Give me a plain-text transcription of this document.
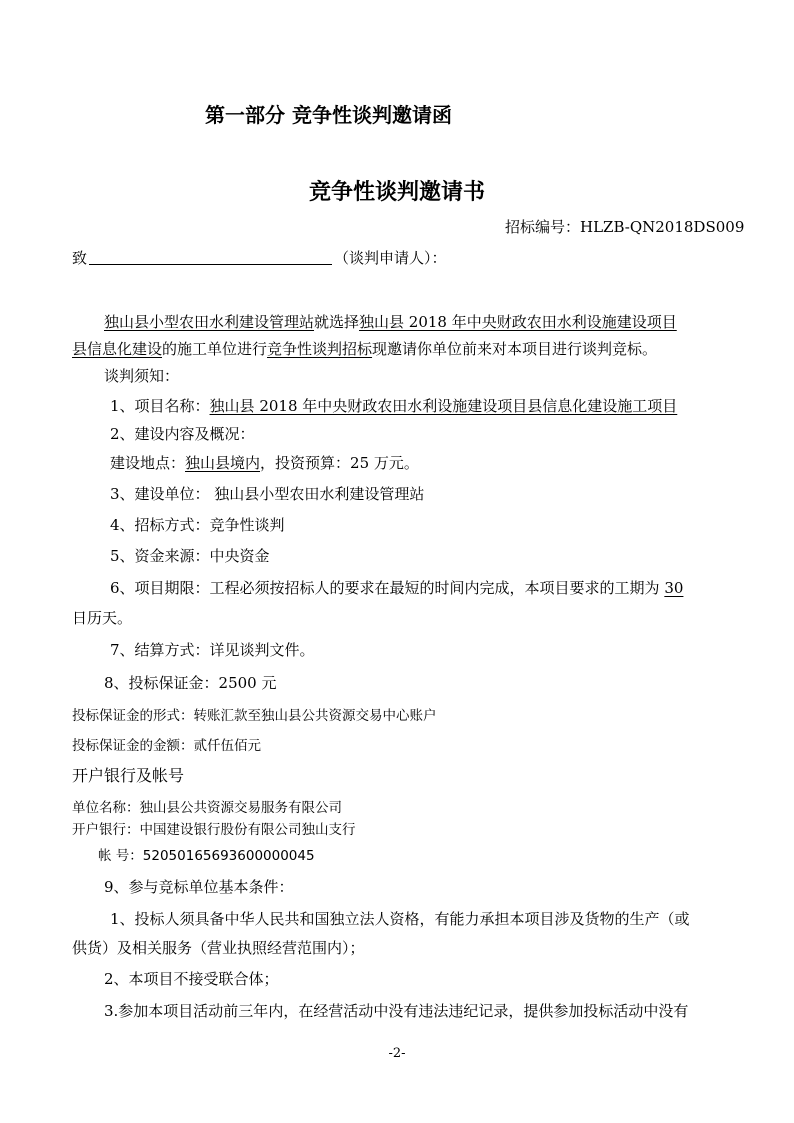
第一部分 竞争性谈判邀请函
竞争性谈判邀请书
招标编号：HLZB-QN2018DS009
致	（谈判申请人）：
独山县小型农田水利建设管理站就选择独山县 2018 年中央财政农田水利设施建设项目
县信息化建设的施工单位进行竞争性谈判招标现邀请你单位前来对本项目进行谈判竞标。
谈判须知：
1、项目名称：独山县 2018 年中央财政农田水利设施建设项目县信息化建设施工项目
2、建设内容及概况：
建设地点：独山县境内，投资预算：25 万元。
3、建设单位： 独山县小型农田水利建设管理站
4、招标方式：竞争性谈判
5、资金来源：中央资金
6、项目期限：工程必须按招标人的要求在最短的时间内完成，本项目要求的工期为 30
日历天。
7、结算方式：详见谈判文件。
8、投标保证金：2500 元
投标保证金的形式：转账汇款至独山县公共资源交易中心账户
投标保证金的金额：贰仟伍佰元
开户银行及帐号
单位名称：独山县公共资源交易服务有限公司
开户银行：中国建设银行股份有限公司独山支行
帐 号：52050165693600000045
9、参与竞标单位基本条件：
1、投标人须具备中华人民共和国独立法人资格，有能力承担本项目涉及货物的生产（或
供货）及相关服务（营业执照经营范围内）；
2、本项目不接受联合体；
3.参加本项目活动前三年内，在经营活动中没有违法违纪记录，提供参加投标活动中没有
-2-
